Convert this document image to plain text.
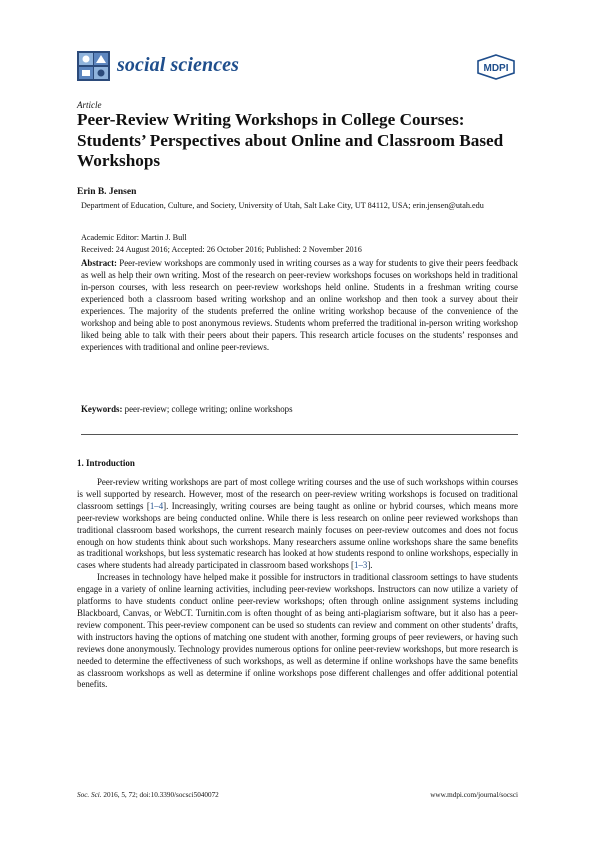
social sciences	MDPI
Article
Peer-Review Writing Workshops in College Courses: Students’ Perspectives about Online and Classroom Based Workshops
Erin B. Jensen
Department of Education, Culture, and Society, University of Utah, Salt Lake City, UT 84112, USA; erin.jensen@utah.edu
Academic Editor: Martin J. Bull
Received: 24 August 2016; Accepted: 26 October 2016; Published: 2 November 2016
Abstract: Peer-review workshops are commonly used in writing courses as a way for students to give their peers feedback as well as help their own writing. Most of the research on peer-review workshops focuses on workshops held in traditional in-person courses, with less research on peer-review workshops held online. Students in a freshman writing course experienced both a classroom based writing workshop and an online workshop and then took a survey about their experiences. The majority of the students preferred the online writing workshop because of the convenience of the workshop and being able to post anonymous reviews. Students whom preferred the traditional in-person writing workshop liked being able to talk with their peers about their papers. This research article focuses on the students’ responses and experiences with traditional and online peer-reviews.
Keywords: peer-review; college writing; online workshops
1. Introduction

Peer-review writing workshops are part of most college writing courses and the use of such workshops within courses is well supported by research. However, most of the research on peer-review writing workshops is focused on traditional classroom settings [1–4]. Increasingly, writing courses are being taught as online or hybrid courses, which means more peer-review workshops are being conducted online. While there is less research on online peer reviewed workshops than traditional classroom based workshops, the current research mainly focuses on peer-review outcomes and does not focus enough on how students think about such workshops. Many researchers assume online workshops share the same benefits as traditional workshops, but less systematic research has looked at how students respond to online workshops, especially in cases where students had already participated in classroom based workshops [1–3].

Increases in technology have helped make it possible for instructors in traditional classroom settings to have students engage in a variety of online learning activities, including peer-review workshops. Instructors can now utilize a variety of platforms to have students conduct online peer-review workshops; often through online assignment systems including Blackboard, Canvas, or WebCT. Turnitin.com is often thought of as being anti-plagiarism software, but it also has a peer-review component. This peer-review component can be used so students can review and comment on other students’ drafts, with instructors having the options of matching one student with another, forming groups of peer reviewers, or having such reviews done anonymously. Technology provides numerous options for online peer-review workshops, but more research is needed to determine the effectiveness of such workshops, as well as determine if online workshops have the same benefits as classroom workshops as well as determine if online workshops pose different challenges and offer additional potential benefits.

Soc. Sci. 2016, 5, 72; doi:10.3390/socsci5040072	www.mdpi.com/journal/socsci
